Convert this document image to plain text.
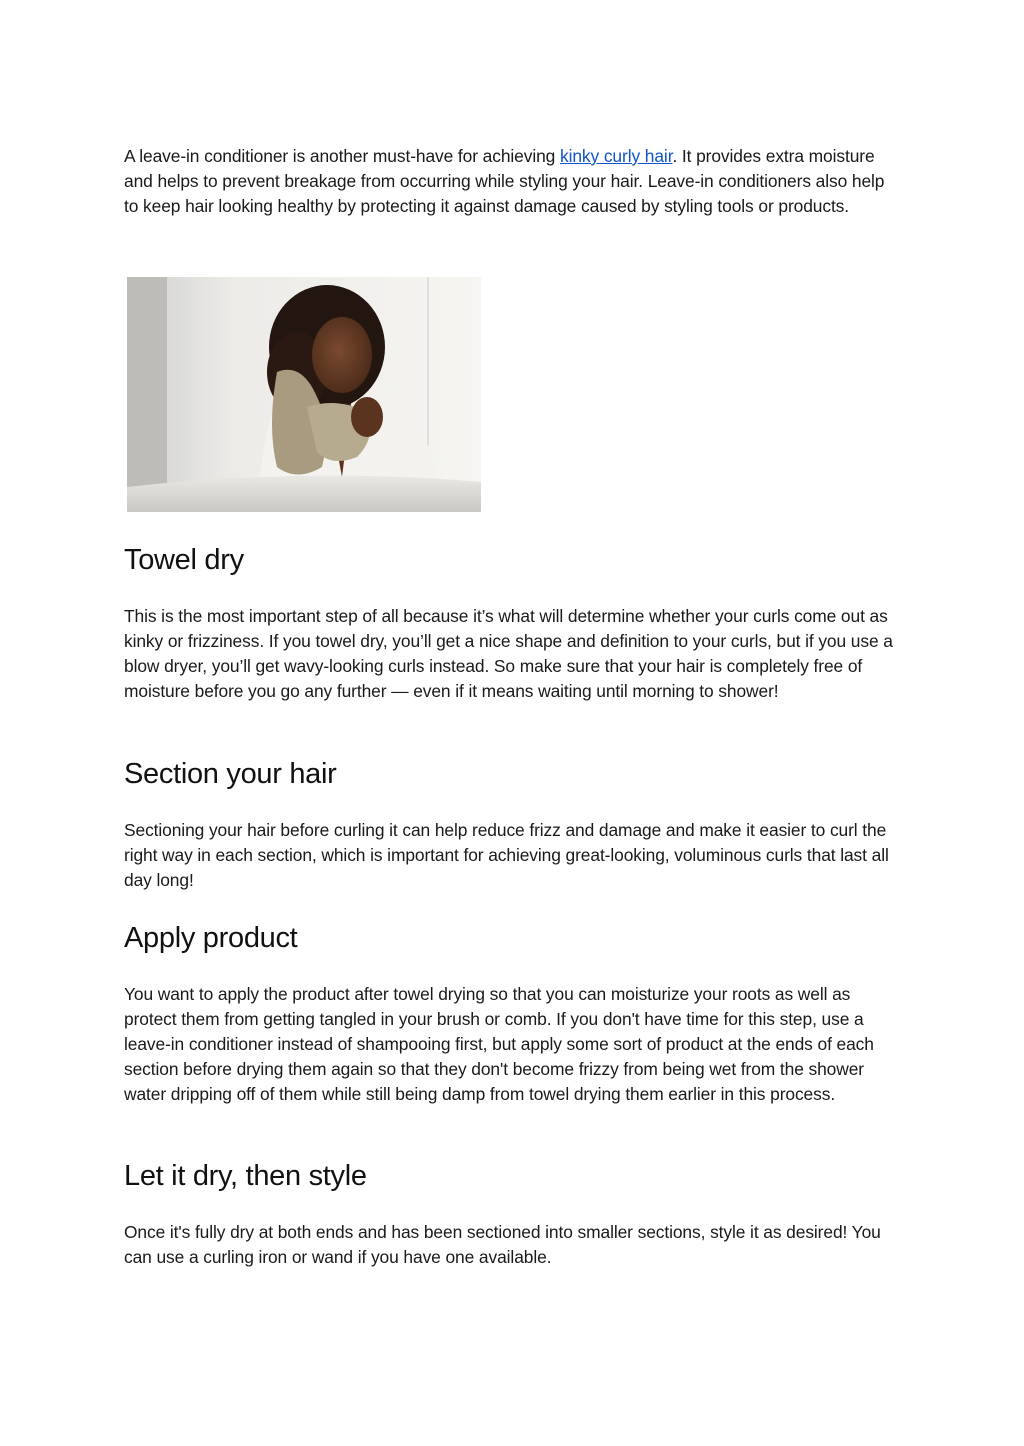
A leave-in conditioner is another must-have for achieving kinky curly hair. It provides extra moisture and helps to prevent breakage from occurring while styling your hair. Leave-in conditioners also help to keep hair looking healthy by protecting it against damage caused by styling tools or products.

Towel dry

This is the most important step of all because it’s what will determine whether your curls come out as kinky or frizziness. If you towel dry, you’ll get a nice shape and definition to your curls, but if you use a blow dryer, you’ll get wavy-looking curls instead. So make sure that your hair is completely free of moisture before you go any further — even if it means waiting until morning to shower!

Section your hair

Sectioning your hair before curling it can help reduce frizz and damage and make it easier to curl the right way in each section, which is important for achieving great-looking, voluminous curls that last all day long!

Apply product

You want to apply the product after towel drying so that you can moisturize your roots as well as protect them from getting tangled in your brush or comb. If you don't have time for this step, use a leave-in conditioner instead of shampooing first, but apply some sort of product at the ends of each section before drying them again so that they don't become frizzy from being wet from the shower water dripping off of them while still being damp from towel drying them earlier in this process.

Let it dry, then style

Once it's fully dry at both ends and has been sectioned into smaller sections, style it as desired! You can use a curling iron or wand if you have one available.
